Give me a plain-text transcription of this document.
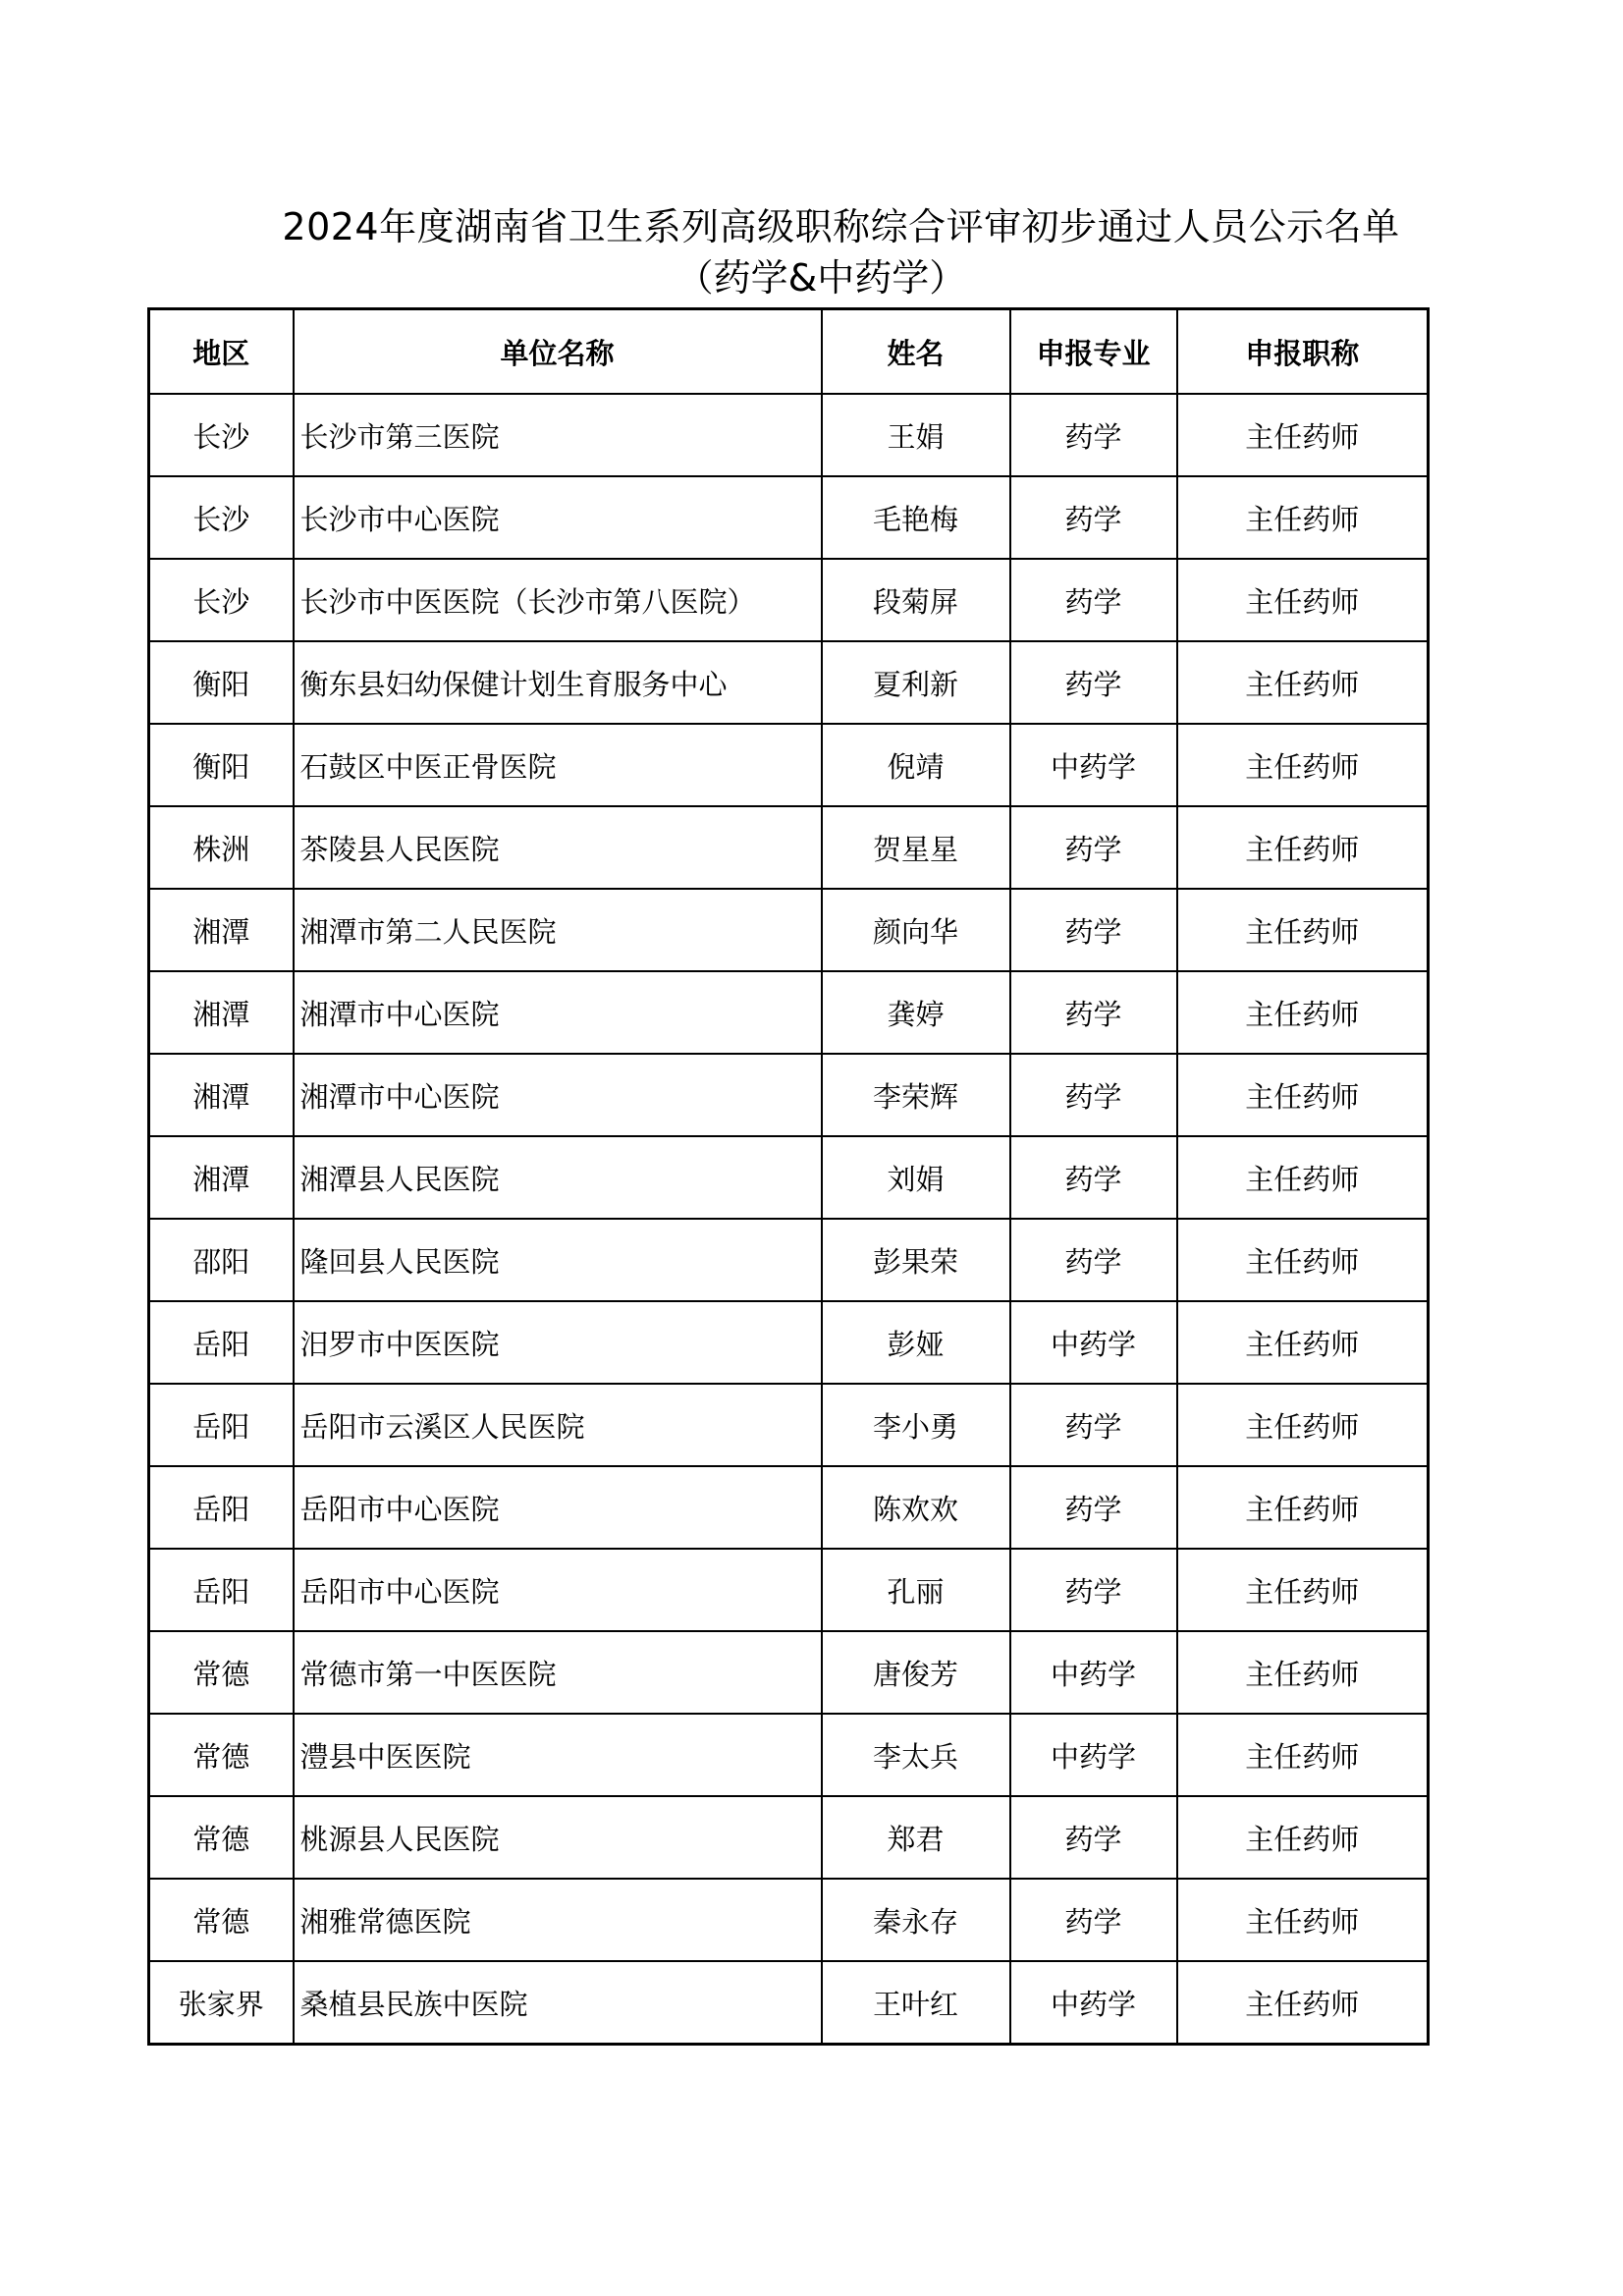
2024年度湖南省卫生系列高级职称综合评审初步通过人员公示名单
（药学&中药学）
地区	单位名称	姓名	申报专业	申报职称
长沙	长沙市第三医院	王娟	药学	主任药师
长沙	长沙市中心医院	毛艳梅	药学	主任药师
长沙	长沙市中医医院（长沙市第八医院）	段菊屏	药学	主任药师
衡阳	衡东县妇幼保健计划生育服务中心	夏利新	药学	主任药师
衡阳	石鼓区中医正骨医院	倪靖	中药学	主任药师
株洲	茶陵县人民医院	贺星星	药学	主任药师
湘潭	湘潭市第二人民医院	颜向华	药学	主任药师
湘潭	湘潭市中心医院	龚婷	药学	主任药师
湘潭	湘潭市中心医院	李荣辉	药学	主任药师
湘潭	湘潭县人民医院	刘娟	药学	主任药师
邵阳	隆回县人民医院	彭果荣	药学	主任药师
岳阳	汨罗市中医医院	彭娅	中药学	主任药师
岳阳	岳阳市云溪区人民医院	李小勇	药学	主任药师
岳阳	岳阳市中心医院	陈欢欢	药学	主任药师
岳阳	岳阳市中心医院	孔丽	药学	主任药师
常德	常德市第一中医医院	唐俊芳	中药学	主任药师
常德	澧县中医医院	李太兵	中药学	主任药师
常德	桃源县人民医院	郑君	药学	主任药师
常德	湘雅常德医院	秦永存	药学	主任药师
张家界	桑植县民族中医院	王叶红	中药学	主任药师
